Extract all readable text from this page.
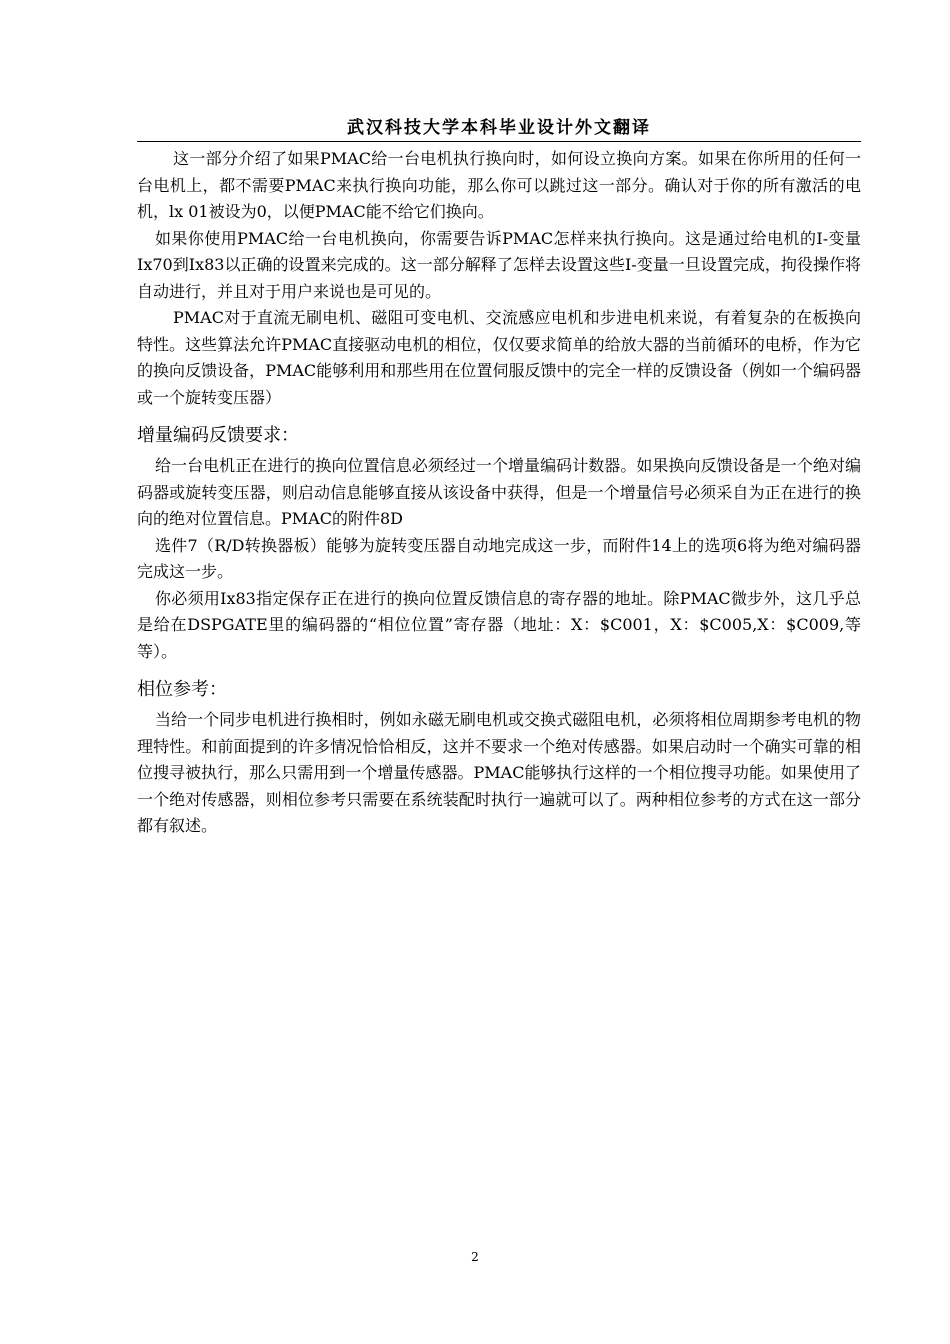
武汉科技大学本科毕业设计外文翻译

这一部分介绍了如果PMAC给一台电机执行换向时，如何设立换向方案。如果在你所用的任何一台电机上，都不需要PMAC来执行换向功能，那么你可以跳过这一部分。确认对于你的所有激活的电机，lx 01被设为0，以便PMAC能不给它们换向。

如果你使用PMAC给一台电机换向，你需要告诉PMAC怎样来执行换向。这是通过给电机的I-变量Ix70到Ix83以正确的设置来完成的。这一部分解释了怎样去设置这些I-变量一旦设置完成，拘役操作将自动进行，并且对于用户来说也是可见的。

PMAC对于直流无刷电机、磁阻可变电机、交流感应电机和步进电机来说，有着复杂的在板换向特性。这些算法允许PMAC直接驱动电机的相位，仅仅要求简单的给放大器的当前循环的电桥，作为它的换向反馈设备，PMAC能够利用和那些用在位置伺服反馈中的完全一样的反馈设备（例如一个编码器或一个旋转变压器）

增量编码反馈要求：

给一台电机正在进行的换向位置信息必须经过一个增量编码计数器。如果换向反馈设备是一个绝对编码器或旋转变压器，则启动信息能够直接从该设备中获得，但是一个增量信号必须采自为正在进行的换向的绝对位置信息。PMAC的附件8D

选件7（R/D转换器板）能够为旋转变压器自动地完成这一步，而附件14上的选项6将为绝对编码器完成这一步。

你必须用Ix83指定保存正在进行的换向位置反馈信息的寄存器的地址。除PMAC微步外，这几乎总是给在DSPGATE里的编码器的“相位位置”寄存器（地址：X：$C001，X：$C005,X：$C009,等等）。

相位参考：

当给一个同步电机进行换相时，例如永磁无刷电机或交换式磁阻电机，必须将相位周期参考电机的物理特性。和前面提到的许多情况恰恰相反，这并不要求一个绝对传感器。如果启动时一个确实可靠的相位搜寻被执行，那么只需用到一个增量传感器。PMAC能够执行这样的一个相位搜寻功能。如果使用了一个绝对传感器，则相位参考只需要在系统装配时执行一遍就可以了。两种相位参考的方式在这一部分都有叙述。

2
